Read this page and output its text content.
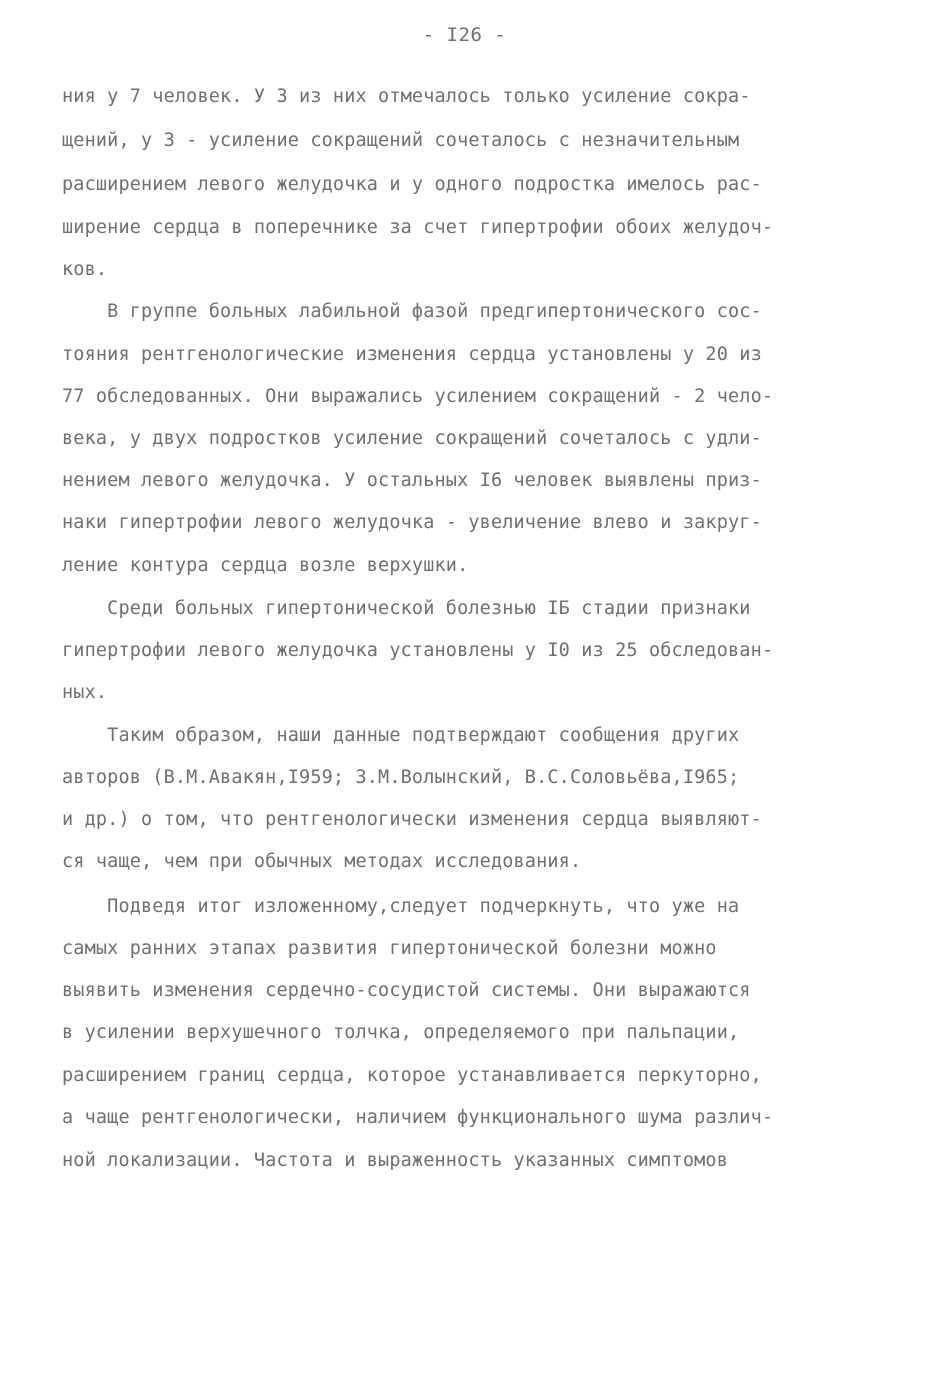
- I26 -
ния у 7 человек. У 3 из них отмечалось только усиление сокра-
щений, у 3 - усиление сокращений сочеталось с незначительным
расширением левого желудочка и у одного подростка имелось рас-
ширение сердца в поперечнике за счет гипертрофии обоих желудоч-
ков.
В группе больных лабильной фазой предгипертонического сос-
тояния рентгенологические изменения сердца установлены у 20 из
77 обследованных. Они выражались усилением сокращений - 2 чело-
века, у двух подростков усиление сокращений сочеталось с удли-
нением левого желудочка. У остальных I6 человек выявлены приз-
наки гипертрофии левого желудочка - увеличение влево и закруг-
ление контура сердца возле верхушки.
Среди больных гипертонической болезнью IБ стадии признаки
гипертрофии левого желудочка установлены у I0 из 25 обследован-
ных.
Таким образом, наши данные подтверждают сообщения других
авторов (В.М.Авакян,I959; З.М.Волынский, В.С.Соловьёва,I965;
и др.) о том, что рентгенологически изменения сердца выявляют-
ся чаще, чем при обычных методах исследования.
Подведя итог изложенному,следует подчеркнуть, что уже на
самых ранних этапах развития гипертонической болезни можно
выявить изменения сердечно-сосудистой системы. Они выражаются
в усилении верхушечного толчка, определяемого при пальпации,
расширением границ сердца, которое устанавливается перкуторно,
а чаще рентгенологически, наличием функционального шума различ-
ной локализации. Частота и выраженность указанных симптомов
